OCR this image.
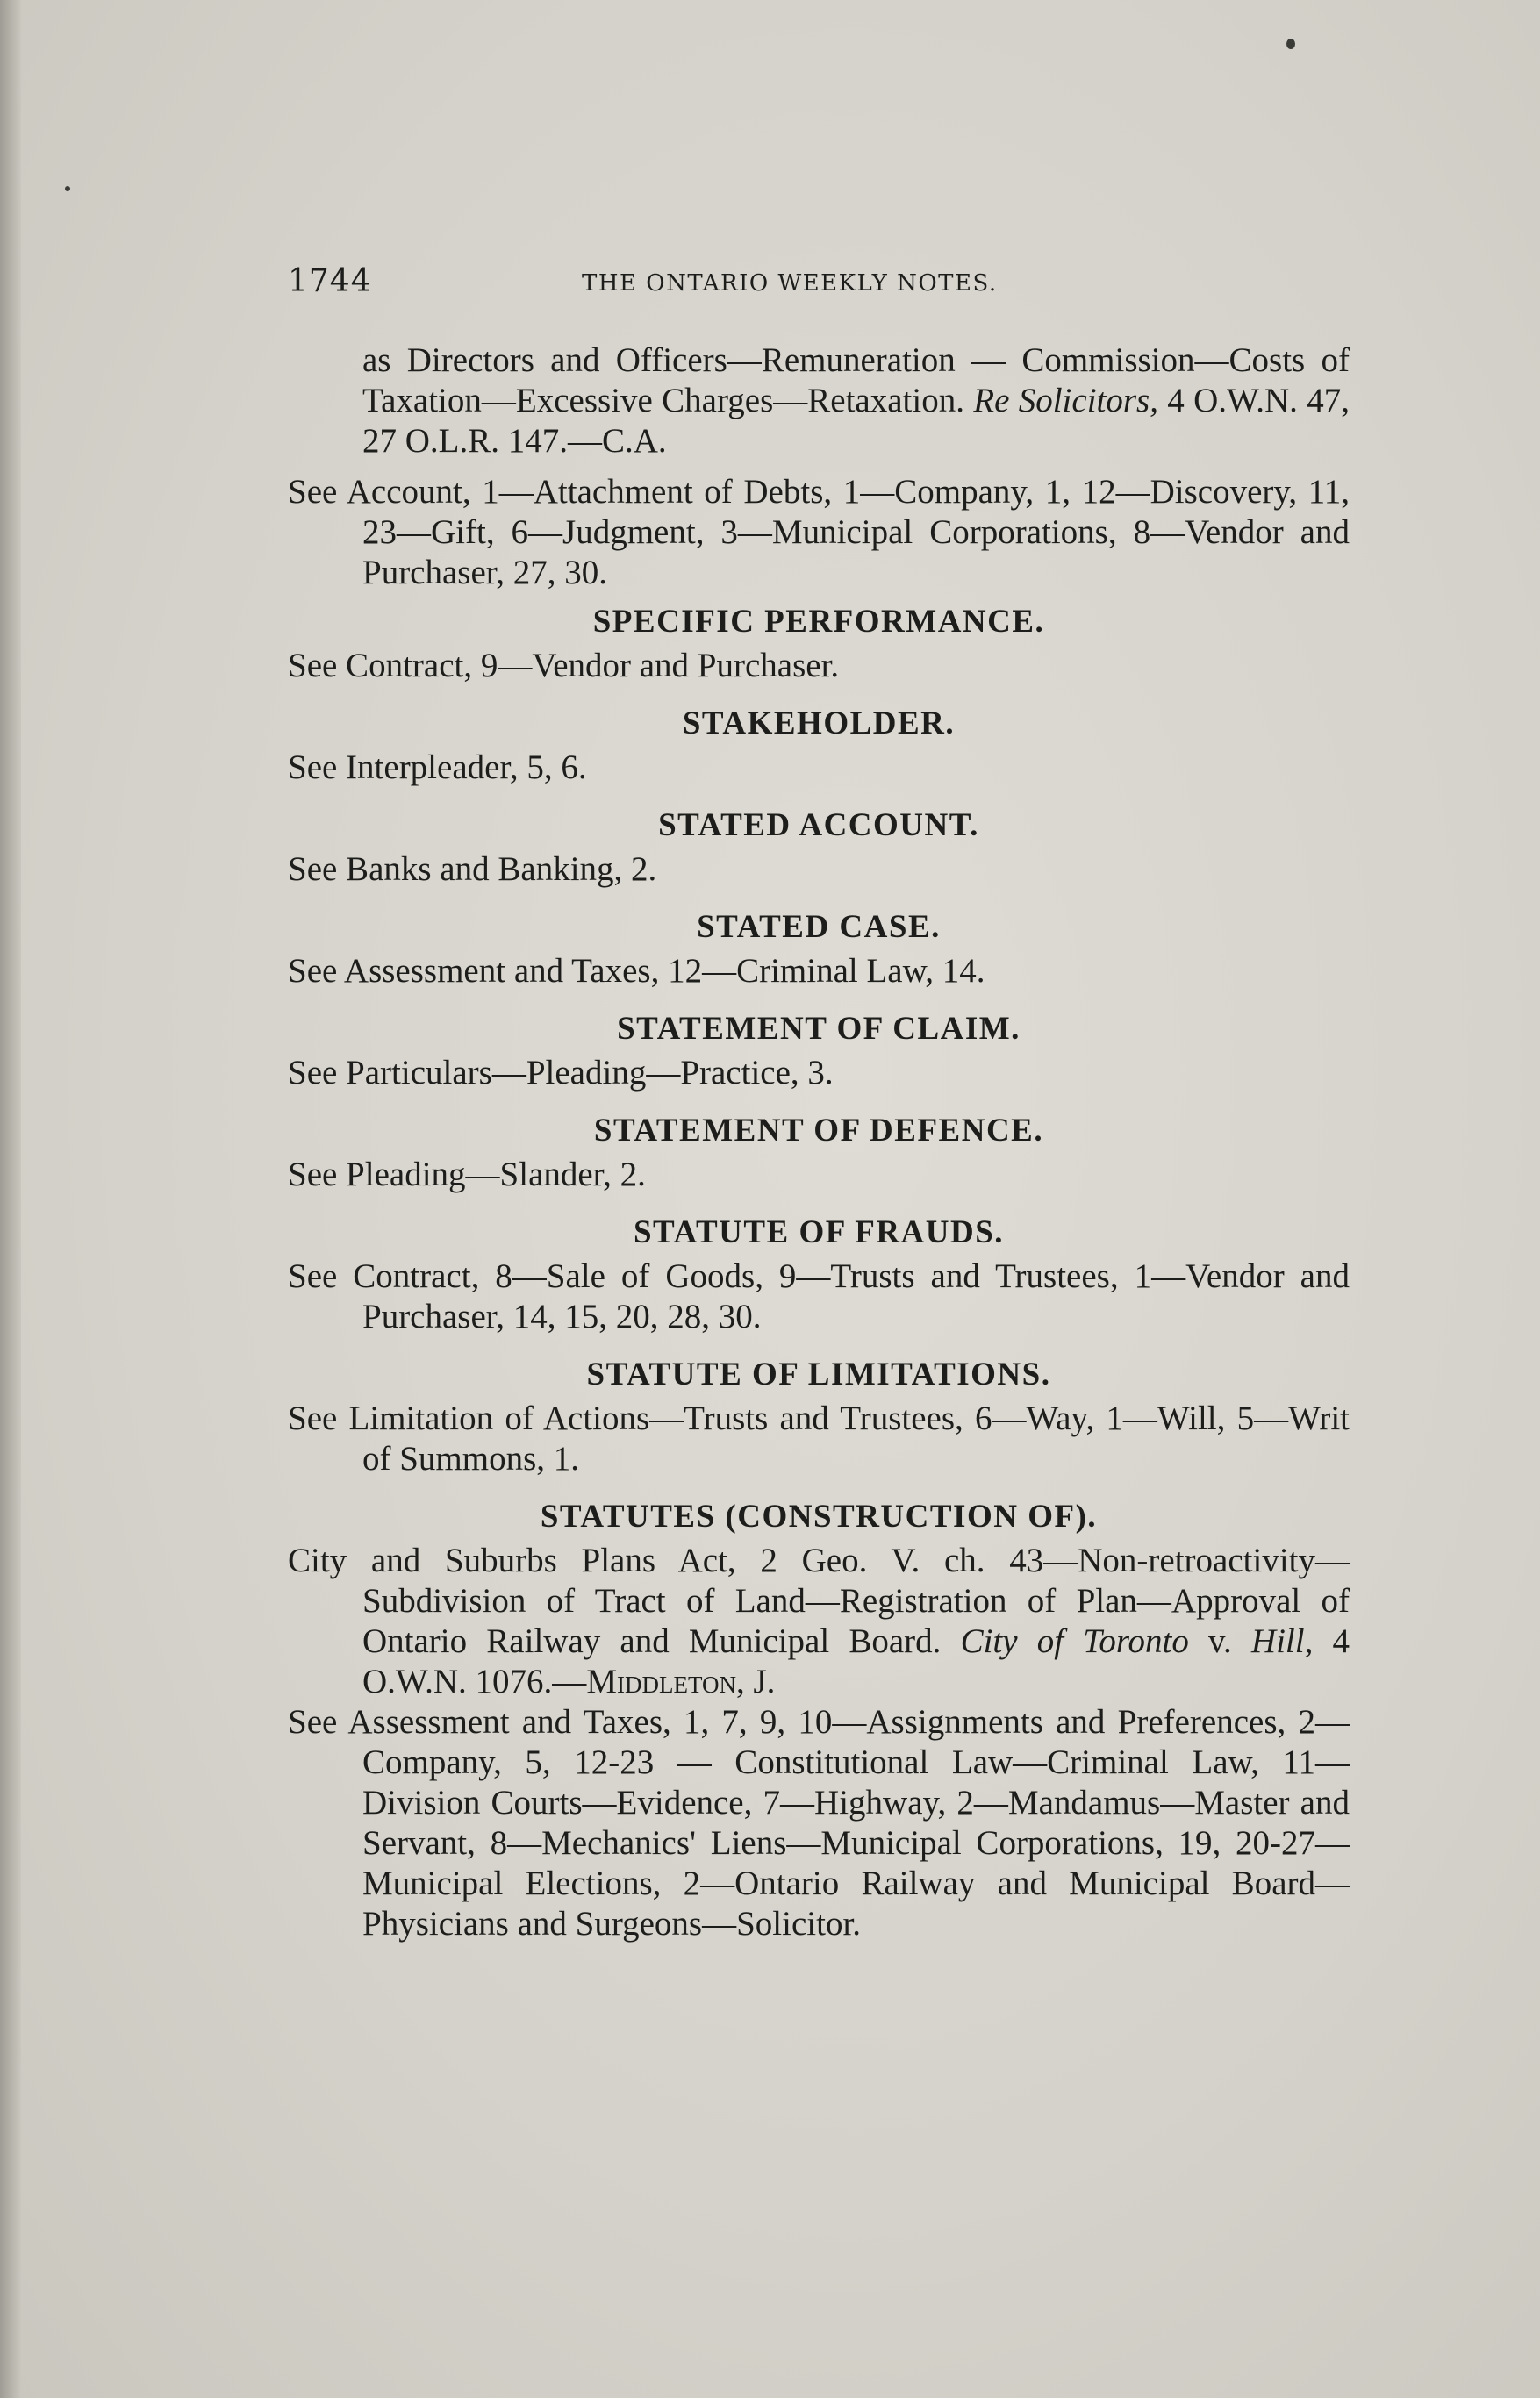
1744	THE ONTARIO WEEKLY NOTES.

as Directors and Officers—Remuneration — Commission—Costs of Taxation—Excessive Charges—Retaxation. Re Solicitors, 4 O.W.N. 47, 27 O.L.R. 147.—C.A.

See Account, 1—Attachment of Debts, 1—Company, 1, 12—Discovery, 11, 23—Gift, 6—Judgment, 3—Municipal Corporations, 8—Vendor and Purchaser, 27, 30.

SPECIFIC PERFORMANCE.

See Contract, 9—Vendor and Purchaser.

STAKEHOLDER.

See Interpleader, 5, 6.

STATED ACCOUNT.

See Banks and Banking, 2.

STATED CASE.

See Assessment and Taxes, 12—Criminal Law, 14.

STATEMENT OF CLAIM.

See Particulars—Pleading—Practice, 3.

STATEMENT OF DEFENCE.

See Pleading—Slander, 2.

STATUTE OF FRAUDS.

See Contract, 8—Sale of Goods, 9—Trusts and Trustees, 1—Vendor and Purchaser, 14, 15, 20, 28, 30.

STATUTE OF LIMITATIONS.

See Limitation of Actions—Trusts and Trustees, 6—Way, 1—Will, 5—Writ of Summons, 1.

STATUTES (CONSTRUCTION OF).

City and Suburbs Plans Act, 2 Geo. V. ch. 43—Non-retroactivity—Subdivision of Tract of Land—Registration of Plan—Approval of Ontario Railway and Municipal Board. City of Toronto v. Hill, 4 O.W.N. 1076.—Middleton, J.

See Assessment and Taxes, 1, 7, 9, 10—Assignments and Preferences, 2—Company, 5, 12-23 — Constitutional Law—Criminal Law, 11—Division Courts—Evidence, 7—Highway, 2—Mandamus—Master and Servant, 8—Mechanics' Liens—Municipal Corporations, 19, 20-27—Municipal Elections, 2—Ontario Railway and Municipal Board—Physicians and Surgeons—Solicitor.
